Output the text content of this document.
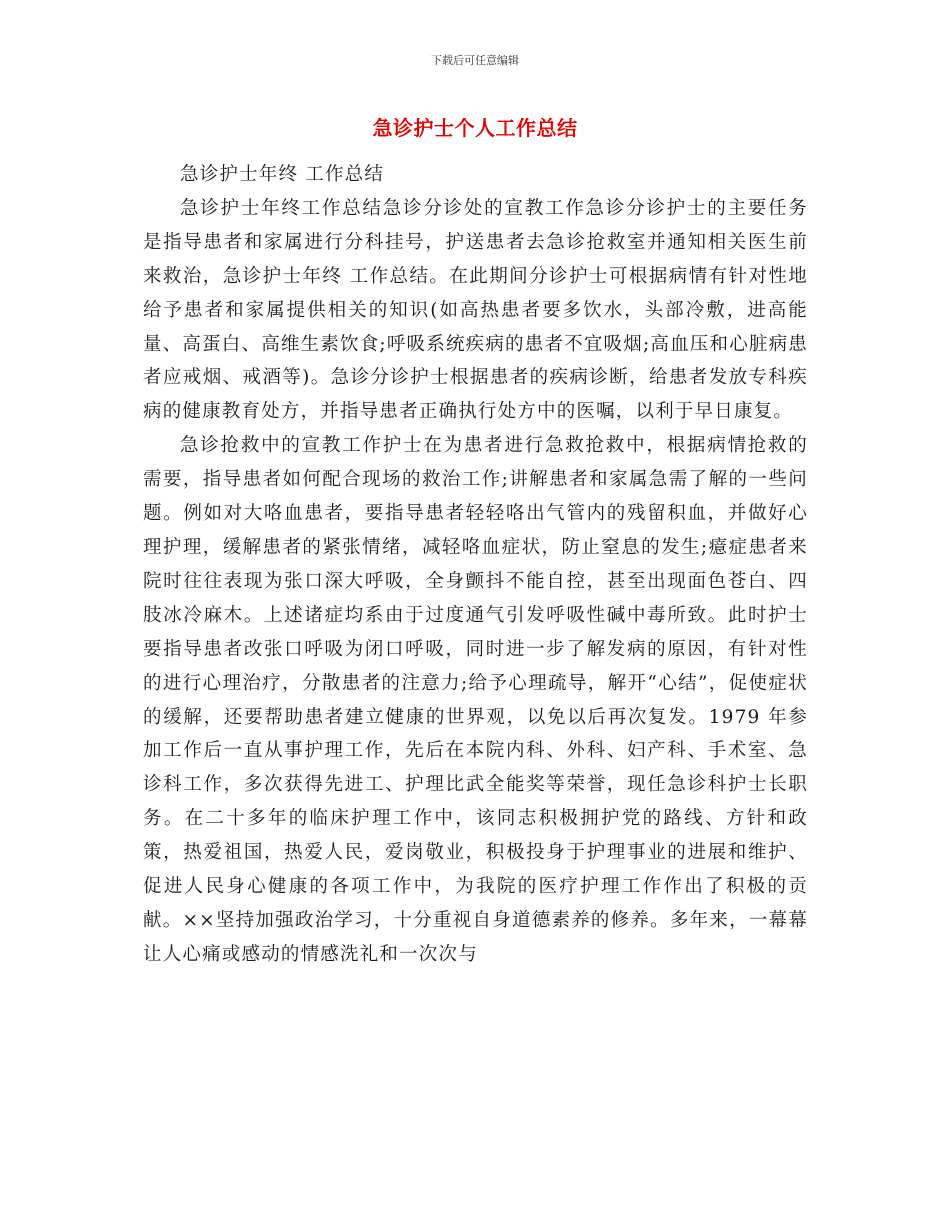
下载后可任意编辑
急诊护士个人工作总结

急诊护士年终 工作总结

急诊护士年终工作总结急诊分诊处的宣教工作急诊分诊护士的主要任务是指导患者和家属进行分科挂号，护送患者去急诊抢救室并通知相关医生前来救治，急诊护士年终 工作总结。在此期间分诊护士可根据病情有针对性地给予患者和家属提供相关的知识(如高热患者要多饮水，头部冷敷，进高能量、高蛋白、高维生素饮食;呼吸系统疾病的患者不宜吸烟;高血压和心脏病患者应戒烟、戒酒等)。急诊分诊护士根据患者的疾病诊断，给患者发放专科疾病的健康教育处方，并指导患者正确执行处方中的医嘱，以利于早日康复。

急诊抢救中的宣教工作护士在为患者进行急救抢救中，根据病情抢救的需要，指导患者如何配合现场的救治工作;讲解患者和家属急需了解的一些问题。例如对大咯血患者，要指导患者轻轻咯出气管内的残留积血，并做好心理护理，缓解患者的紧张情绪，减轻咯血症状，防止窒息的发生;癔症患者来院时往往表现为张口深大呼吸，全身颤抖不能自控，甚至出现面色苍白、四肢冰冷麻木。上述诸症均系由于过度通气引发呼吸性碱中毒所致。此时护士要指导患者改张口呼吸为闭口呼吸，同时进一步了解发病的原因，有针对性的进行心理治疗，分散患者的注意力;给予心理疏导，解开“心结”，促使症状的缓解，还要帮助患者建立健康的世界观，以免以后再次复发。1979 年参加工作后一直从事护理工作，先后在本院内科、外科、妇产科、手术室、急诊科工作，多次获得先进工、护理比武全能奖等荣誉，现任急诊科护士长职务。在二十多年的临床护理工作中，该同志积极拥护党的路线、方针和政策，热爱祖国，热爱人民，爱岗敬业，积极投身于护理事业的进展和维护、促进人民身心健康的各项工作中，为我院的医疗护理工作作出了积极的贡献。××坚持加强政治学习，十分重视自身道德素养的修养。多年来，一幕幕让人心痛或感动的情感洗礼和一次次与
